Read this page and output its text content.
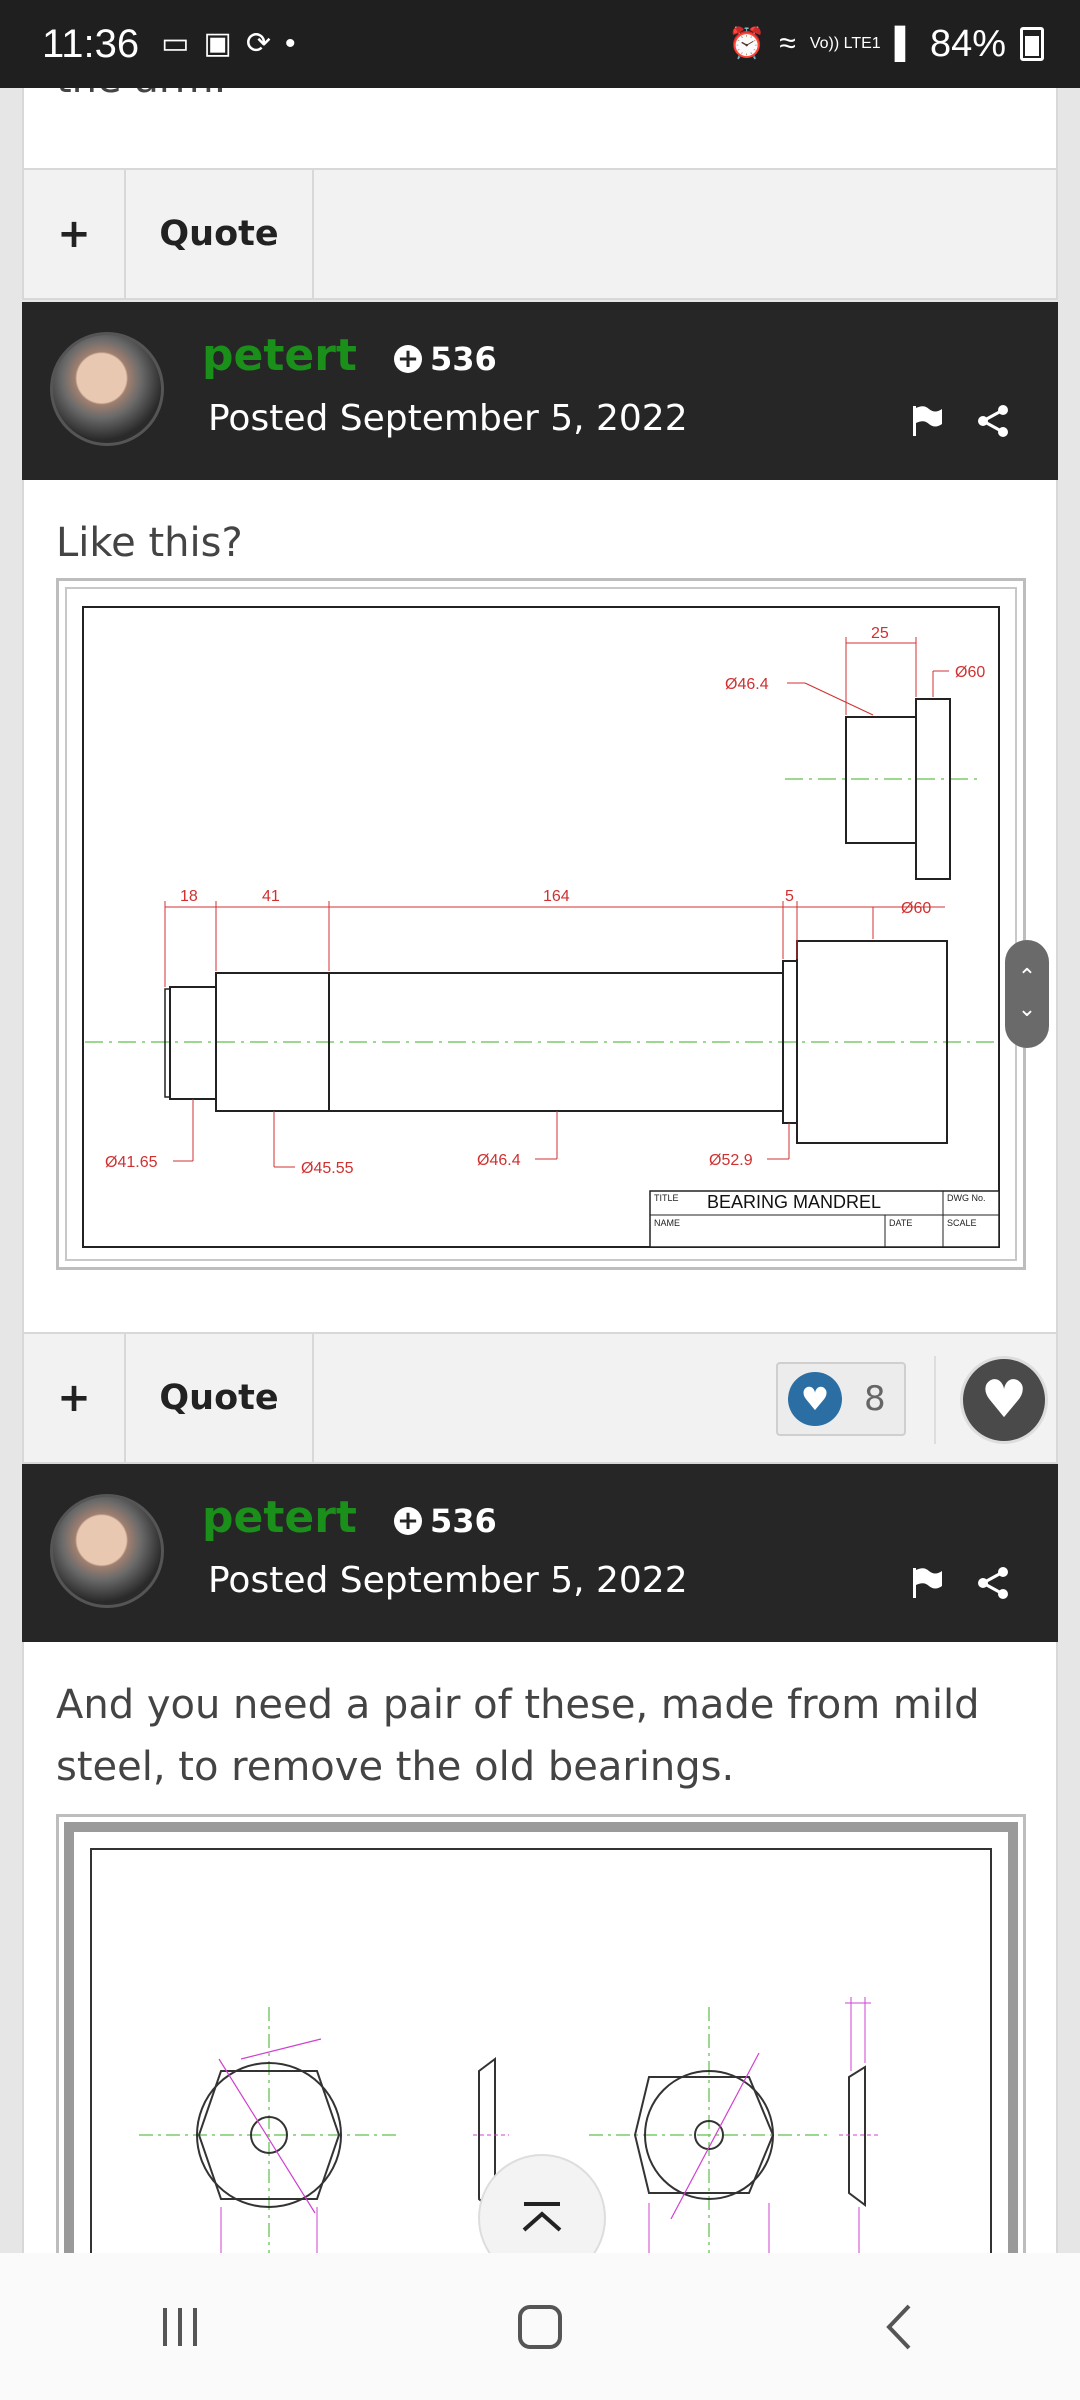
11:36 ▭ ▣ ⟳ •	⏰ ≈ Vo)) LTE1 ▌ 84%
+	Quote
petert + 536
Posted September 5, 2022
Like this?
25
Ø60
Ø46.4
18	41	164	5
Ø60
Ø41.65	Ø45.55	Ø46.4	Ø52.9
TITLE BEARING MANDREL	DWG No.
NAME	DATE	SCALE
+	Quote	♥	8	♥
petert + 536
Posted September 5, 2022
And you need a pair of these, made from mild steel, to remove the old bearings.
⌃
⌄
